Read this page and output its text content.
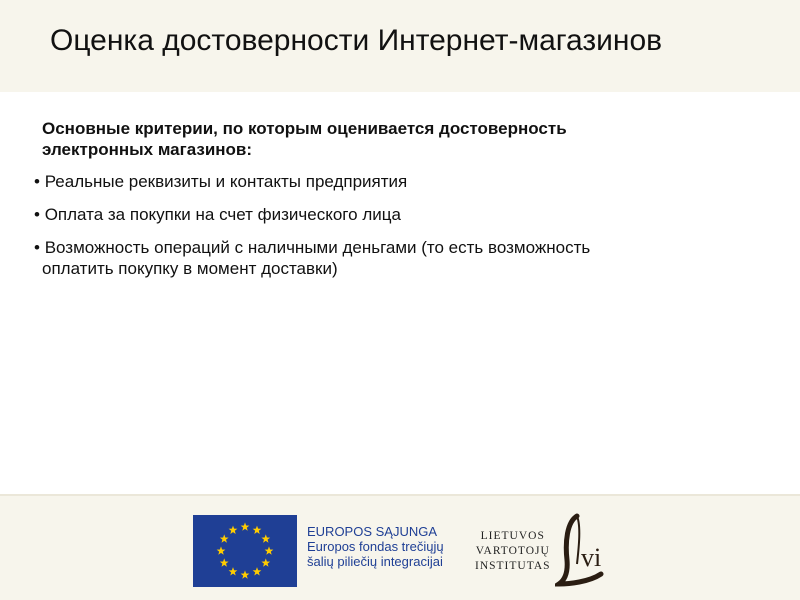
Оценка достоверности Интернет-магазинов
Основные критерии, по которым оценивается достоверность
электронных магазинов:
• Реальные реквизиты и контакты предприятия
• Оплата за покупки на счет физического лица
• Возможность операций с наличными деньгами (то есть возможность
оплатить покупку в момент доставки)
EUROPOS SĄJUNGA
Europos fondas trečiųjų
šalių piliečių integracijai
LIETUVOS
VARTOTOJŲ
INSTITUTAS vi
